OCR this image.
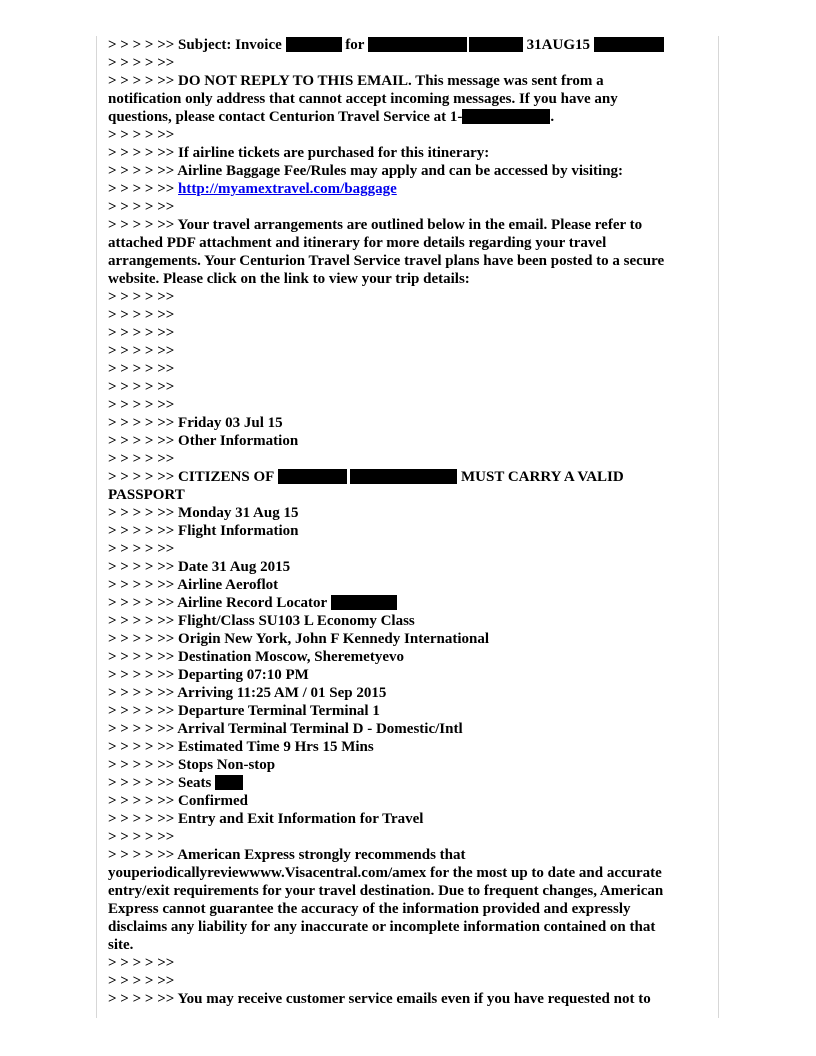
> > > > >> Subject: Invoice	for	31AUG15
> > > > >>
> > > > >> DO NOT REPLY TO THIS EMAIL. This message was sent from a
notification only address that cannot accept incoming messages. If you have any
questions, please contact Centurion Travel Service at 1-	.
> > > > >>
> > > > >> If airline tickets are purchased for this itinerary:
> > > > >> Airline Baggage Fee/Rules may apply and can be accessed by visiting:
> > > > >> http://myamextravel.com/baggage
> > > > >>
> > > > >> Your travel arrangements are outlined below in the email. Please refer to
attached PDF attachment and itinerary for more details regarding your travel
arrangements. Your Centurion Travel Service travel plans have been posted to a secure
website. Please click on the link to view your trip details:
> > > > >>
> > > > >>
> > > > >>
> > > > >>
> > > > >>
> > > > >>
> > > > >>
> > > > >> Friday 03 Jul 15
> > > > >> Other Information
> > > > >>
> > > > >> CITIZENS OF	MUST CARRY A VALID
PASSPORT
> > > > >> Monday 31 Aug 15
> > > > >> Flight Information
> > > > >>
> > > > >> Date 31 Aug 2015
> > > > >> Airline Aeroflot
> > > > >> Airline Record Locator
> > > > >> Flight/Class SU103 L Economy Class
> > > > >> Origin New York, John F Kennedy International
> > > > >> Destination Moscow, Sheremetyevo
> > > > >> Departing 07:10 PM
> > > > >> Arriving 11:25 AM / 01 Sep 2015
> > > > >> Departure Terminal Terminal 1
> > > > >> Arrival Terminal Terminal D - Domestic/Intl
> > > > >> Estimated Time 9 Hrs 15 Mins
> > > > >> Stops Non-stop
> > > > >> Seats
> > > > >> Confirmed
> > > > >> Entry and Exit Information for Travel
> > > > >>
> > > > >> American Express strongly recommends that
youperiodicallyreviewwww.Visacentral.com/amex for the most up to date and accurate
entry/exit requirements for your travel destination. Due to frequent changes, American
Express cannot guarantee the accuracy of the information provided and expressly
disclaims any liability for any inaccurate or incomplete information contained on that
site.
> > > > >>
> > > > >>
> > > > >> You may receive customer service emails even if you have requested not to
